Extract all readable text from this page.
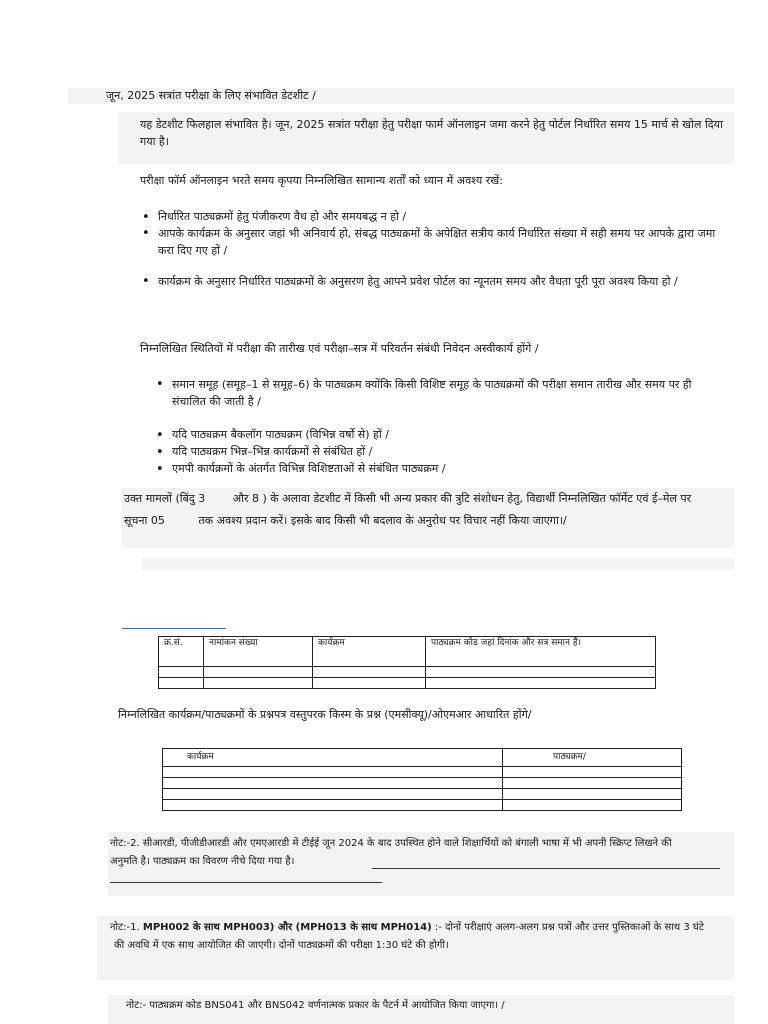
जून, 2025 सत्रांत परीक्षा के लिए संभावित डेटशीट /
यह डेटशीट फिलहाल संभावित है। जून, 2025 सत्रांत परीक्षा हेतु परीक्षा फार्म ऑनलाइन जमा करने हेतु पोर्टल निर्धारित समय 15 मार्च से खोल दिया गया है।
परीक्षा फॉर्म ऑनलाइन भरते समय कृपया निम्नलिखित सामान्य शर्तों को ध्यान में अवश्य रखें:
• निर्धारित पाठ्यक्रमों हेतु पंजीकरण वैध हो और समयबद्ध न हो /
• आपके कार्यक्रम के अनुसार जहां भी अनिवार्य हो, संबद्ध पाठ्यक्रमों के अपेक्षित सत्रीय कार्य निर्धारित संख्या में सही समय पर आपके द्वारा जमा करा दिए गए हों /
• कार्यक्रम के अनुसार निर्धारित पाठ्यक्रमों के अनुसरण हेतु आपने प्रवेश पोर्टल का न्यूनतम समय और वैधता पूरी पूरा अवश्य किया हो /
निम्नलिखित स्थितियों में परीक्षा की तारीख एवं परीक्षा–सत्र में परिवर्तन संबंधी निवेदन अस्वीकार्य होंगे /
• समान समूह (समूह–1 से समूह–6) के पाठ्यक्रम क्योंकि किसी विशिष्ट समूह के पाठ्यक्रमों की परीक्षा समान तारीख और समय पर ही संचालित की जाती है /
• यदि पाठ्यक्रम बैकलॉग पाठ्यक्रम (विभिन्न वर्षों से) हों /
• यदि पाठ्यक्रम भिन्न–भिन्न कार्यक्रमों से संबंधित हों /
• एमपी कार्यक्रमों के अंतर्गत विभिन्न विशिष्टताओं से संबंधित पाठ्यक्रम /
उक्त मामलों (बिंदु 3	और 8 ) के अलावा डेटशीट में किसी भी अन्य प्रकार की त्रुटि संशोधन हेतु, विद्यार्थी निम्नलिखित फॉर्मेट एवं ई–मेल पर
सूचना 05	तक अवश्य प्रदान करें। इसके बाद किसी भी बदलाव के अनुरोध पर विचार नहीं किया जाएगा।/
क्र.सं.	नामांकन संख्या	कार्यक्रम	पाठ्यक्रम कोड जहां दिनांक और सत्र समान हैं।

निम्नलिखित कार्यक्रम/पाठ्यक्रमों के प्रश्नपत्र वस्तुपरक किस्म के प्रश्न (एमसीक्यू)/ओएमआर आधारित होंगे/
कार्यक्रम	पाठ्यक्रम/

नोट:-2. सीआरडी, पीजीडीआरडी और एमएआरडी में टीईई जून 2024 के बाद उपस्थित होने वाले शिक्षार्थियों को बंगाली भाषा में भी अपनी स्क्रिप्ट लिखने की
अनुमति है। पाठ्यक्रम का विवरण नीचे दिया गया है।
नोट:-1. MPH002 के साथ MPH003) और (MPH013 के साथ MPH014) :- दोनों परीक्षाएं अलग-अलग प्रश्न पत्रों और उत्तर पुस्तिकाओं के साथ 3 घंटे
की अवधि में एक साथ आयोजित की जाएगी। दोनों पाठ्यक्रमों की परीक्षा 1:30 घंटे की होगी।
नोट:- पाठ्यक्रम कोड BNS041 और BNS042 वर्णनात्मक प्रकार के पैटर्न में आयोजित किया जाएगा। /
